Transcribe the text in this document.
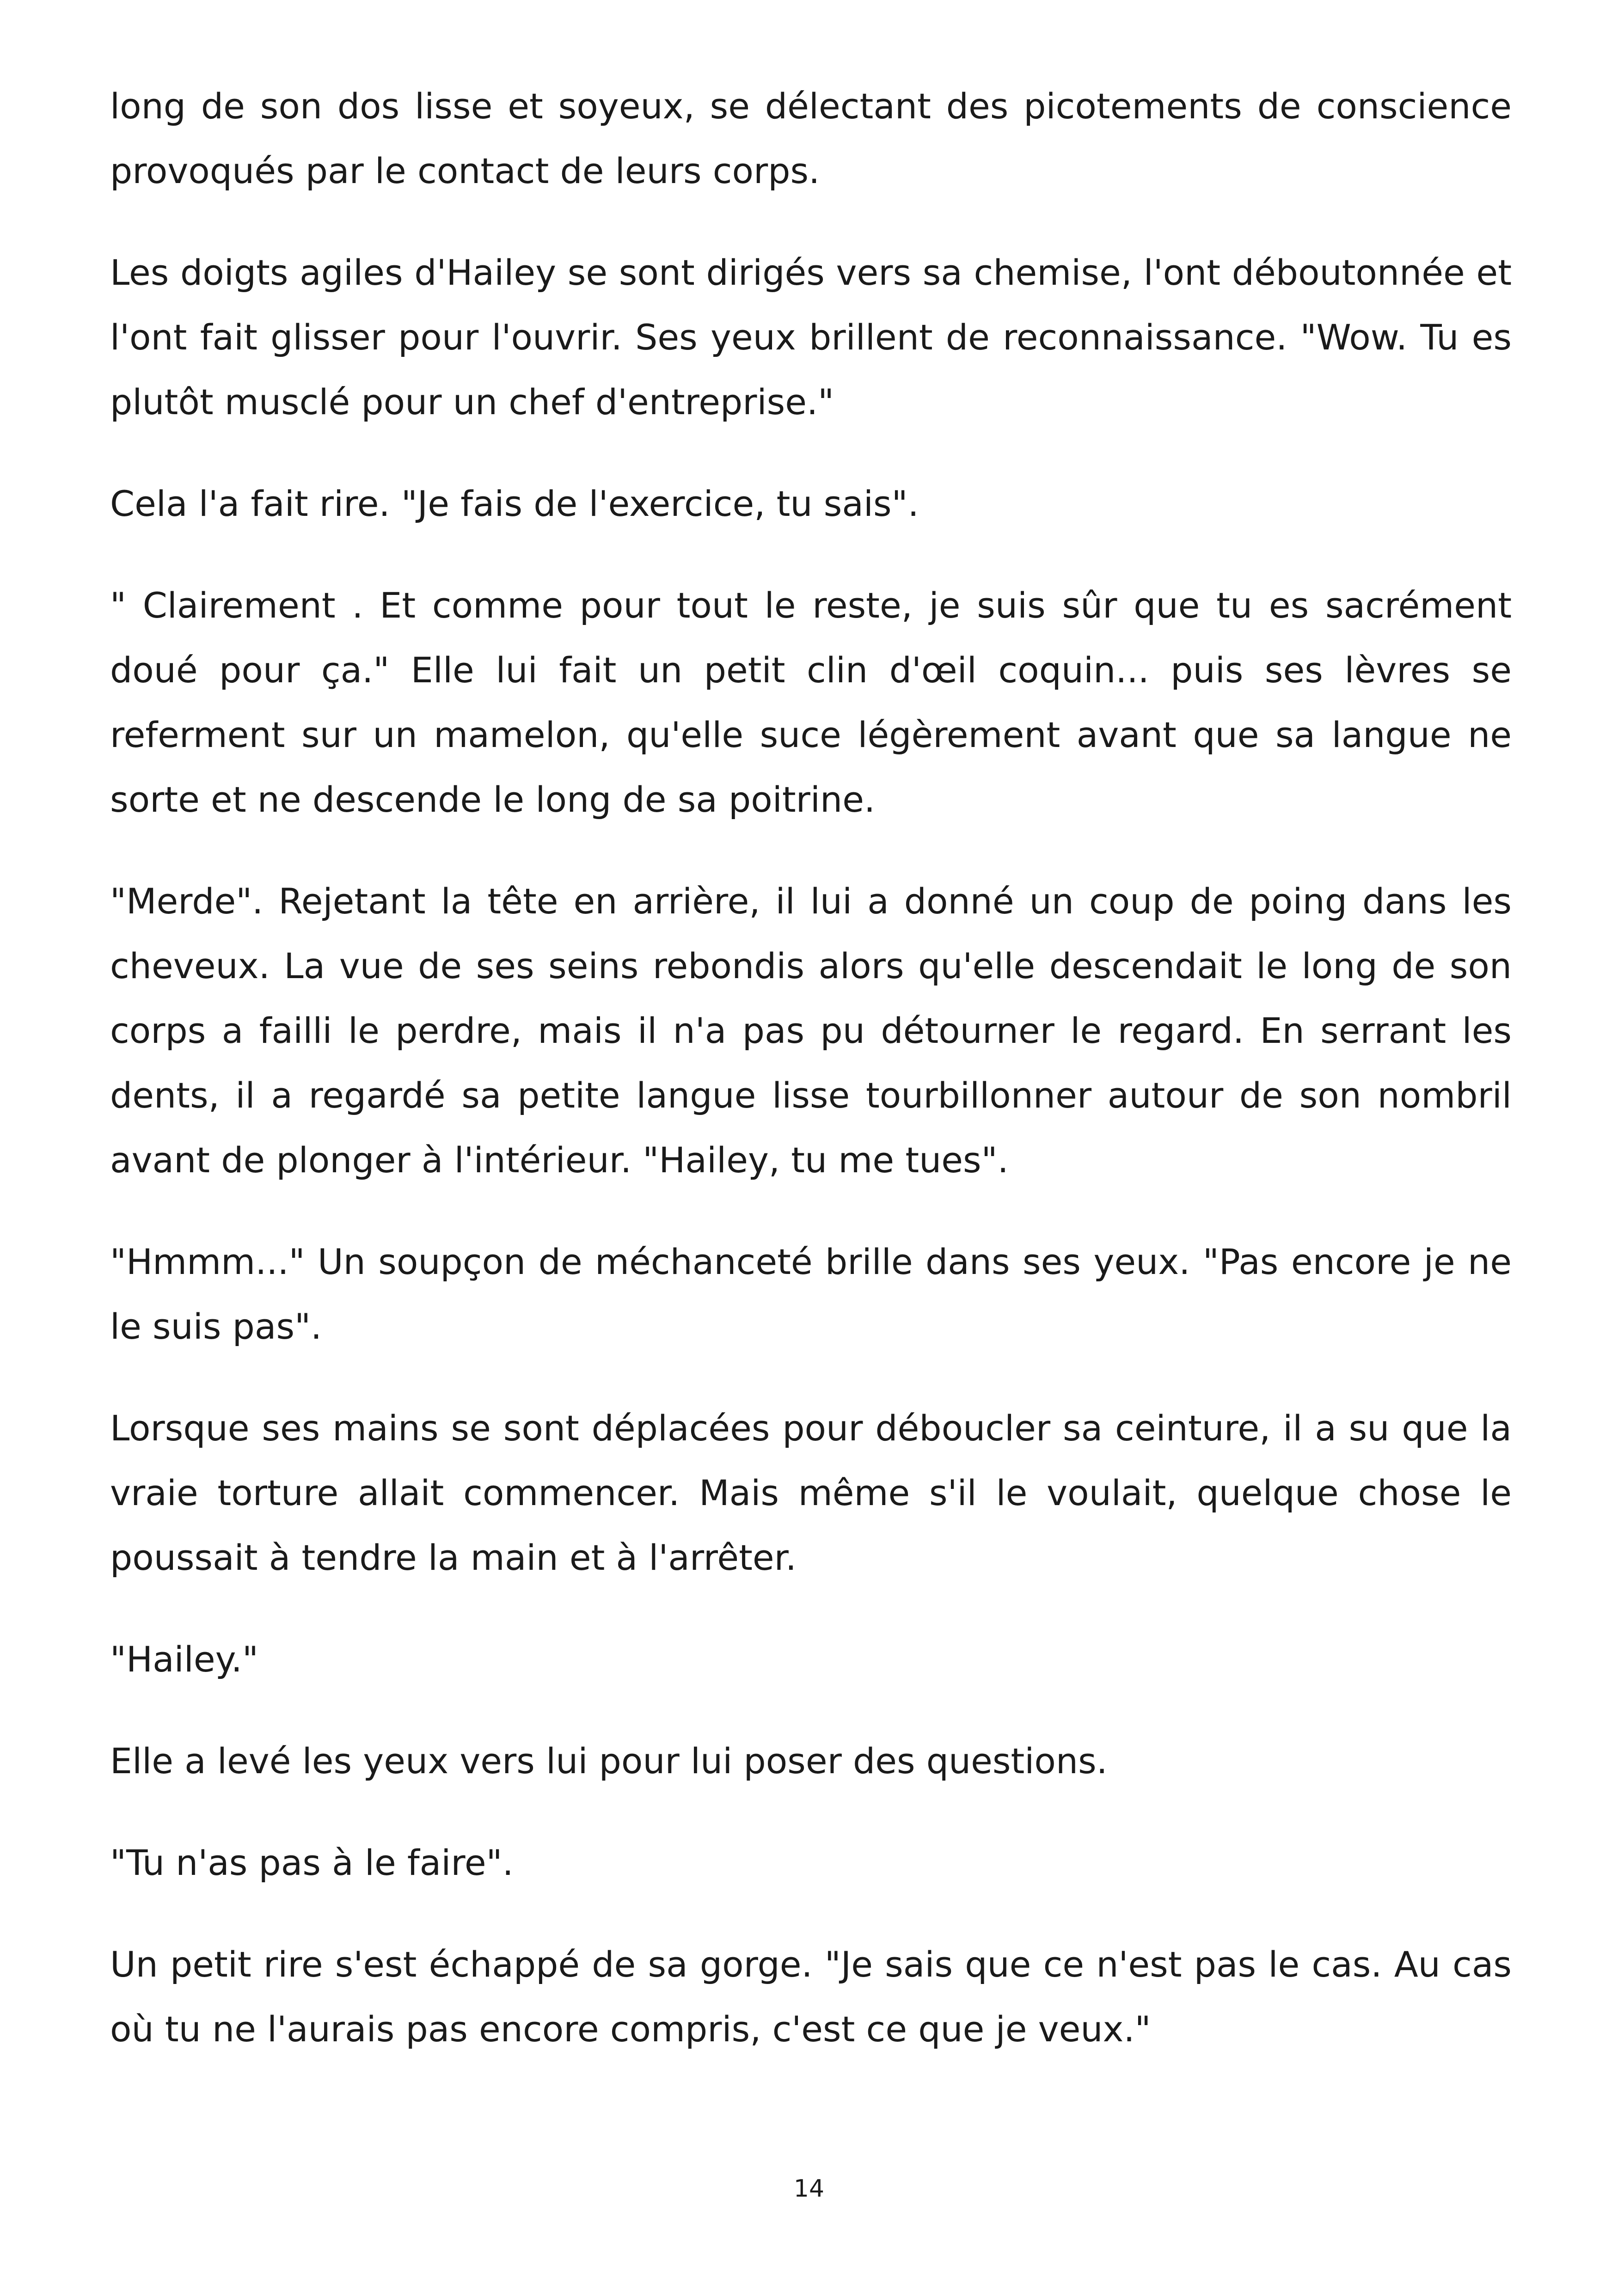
long de son dos lisse et soyeux, se délectant des picotements de conscience provoqués par le contact de leurs corps.

Les doigts agiles d'Hailey se sont dirigés vers sa chemise, l'ont déboutonnée et l'ont fait glisser pour l'ouvrir. Ses yeux brillent de reconnaissance. "Wow. Tu es plutôt musclé pour un chef d'entreprise."

Cela l'a fait rire. "Je fais de l'exercice, tu sais".

" Clairement . Et comme pour tout le reste, je suis sûr que tu es sacrément doué pour ça." Elle lui fait un petit clin d'œil coquin... puis ses lèvres se referment sur un mamelon, qu'elle suce légèrement avant que sa langue ne sorte et ne descende le long de sa poitrine.

"Merde". Rejetant la tête en arrière, il lui a donné un coup de poing dans les cheveux. La vue de ses seins rebondis alors qu'elle descendait le long de son corps a failli le perdre, mais il n'a pas pu détourner le regard. En serrant les dents, il a regardé sa petite langue lisse tourbillonner autour de son nombril avant de plonger à l'intérieur. "Hailey, tu me tues".

"Hmmm..." Un soupçon de méchanceté brille dans ses yeux. "Pas encore je ne le suis pas".

Lorsque ses mains se sont déplacées pour déboucler sa ceinture, il a su que la vraie torture allait commencer. Mais même s'il le voulait, quelque chose le poussait à tendre la main et à l'arrêter.

"Hailey."

Elle a levé les yeux vers lui pour lui poser des questions.

"Tu n'as pas à le faire".

Un petit rire s'est échappé de sa gorge. "Je sais que ce n'est pas le cas. Au cas où tu ne l'aurais pas encore compris, c'est ce que je veux."

14
